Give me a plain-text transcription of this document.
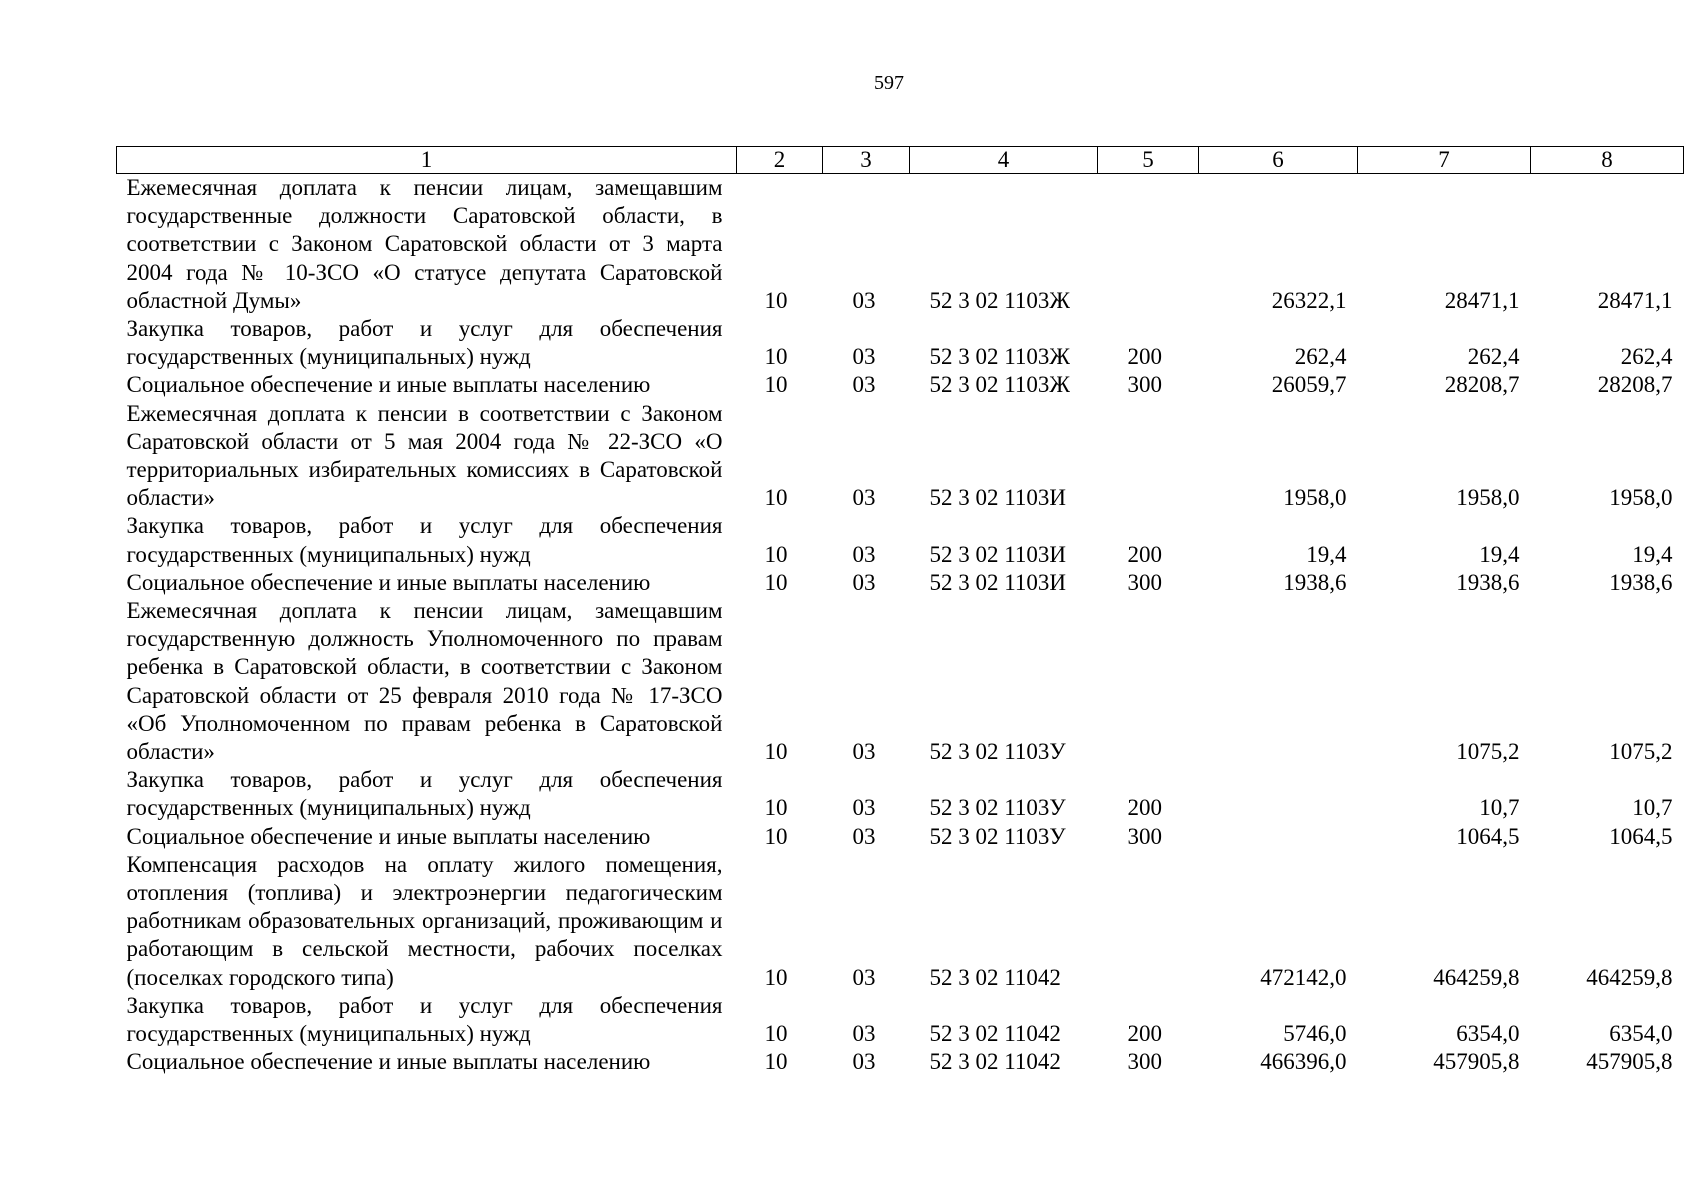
597
1	2	3	4	5	6	7	8
Ежемесячная доплата к пенсии лицам, замещавшим государственные должности Саратовской области, в соответствии с Законом Саратовской области от 3 марта 2004 года № 10-ЗСО «О статусе депутата Саратовской областной Думы»	10	03	52 3 02 1103Ж		26322,1	28471,1	28471,1
Закупка товаров, работ и услуг для обеспечения государственных (муниципальных) нужд	10	03	52 3 02 1103Ж	200	262,4	262,4	262,4
Социальное обеспечение и иные выплаты населению	10	03	52 3 02 1103Ж	300	26059,7	28208,7	28208,7
Ежемесячная доплата к пенсии в соответствии с Законом Саратовской области от 5 мая 2004 года № 22-ЗСО «О территориальных избирательных комиссиях в Саратовской области»	10	03	52 3 02 1103И		1958,0	1958,0	1958,0
Закупка товаров, работ и услуг для обеспечения государственных (муниципальных) нужд	10	03	52 3 02 1103И	200	19,4	19,4	19,4
Социальное обеспечение и иные выплаты населению	10	03	52 3 02 1103И	300	1938,6	1938,6	1938,6
Ежемесячная доплата к пенсии лицам, замещавшим государственную должность Уполномоченного по правам ребенка в Саратовской области, в соответствии с Законом Саратовской области от 25 февраля 2010 года № 17-ЗСО «Об Уполномоченном по правам ребенка в Саратовской области»	10	03	52 3 02 1103У			1075,2	1075,2
Закупка товаров, работ и услуг для обеспечения государственных (муниципальных) нужд	10	03	52 3 02 1103У	200		10,7	10,7
Социальное обеспечение и иные выплаты населению	10	03	52 3 02 1103У	300		1064,5	1064,5
Компенсация расходов на оплату жилого помещения, отопления (топлива) и электроэнергии педагогическим работникам образовательных организаций, проживающим и работающим в сельской местности, рабочих поселках (поселках городского типа)	10	03	52 3 02 11042		472142,0	464259,8	464259,8
Закупка товаров, работ и услуг для обеспечения государственных (муниципальных) нужд	10	03	52 3 02 11042	200	5746,0	6354,0	6354,0
Социальное обеспечение и иные выплаты населению	10	03	52 3 02 11042	300	466396,0	457905,8	457905,8
